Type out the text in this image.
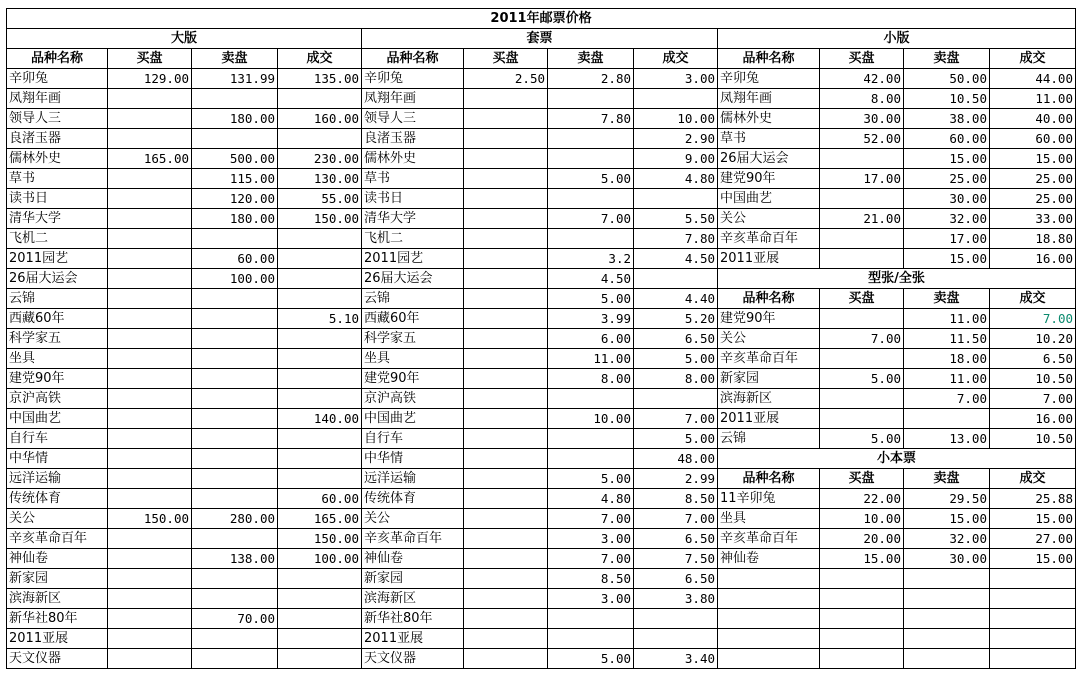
2011年邮票价格											
大版				套票				小版			
品种名称	买盘	卖盘	成交	品种名称	买盘	卖盘	成交	品种名称	买盘	卖盘	成交
辛卯兔	129.00	131.99	135.00	辛卯兔	2.50	2.80	3.00	辛卯兔	42.00	50.00	44.00
凤翔年画				凤翔年画				凤翔年画	8.00	10.50	11.00
领导人三		180.00	160.00	领导人三		7.80	10.00	儒林外史	30.00	38.00	40.00
良渚玉器				良渚玉器			2.90	草书	52.00	60.00	60.00
儒林外史	165.00	500.00	230.00	儒林外史			9.00	26届大运会		15.00	15.00
草书		115.00	130.00	草书		5.00	4.80	建党90年	17.00	25.00	25.00
读书日		120.00	55.00	读书日				中国曲艺		30.00	25.00
清华大学		180.00	150.00	清华大学		7.00	5.50	关公	21.00	32.00	33.00
飞机二				飞机二			7.80	辛亥革命百年		17.00	18.80
2011园艺		60.00		2011园艺		3.2	4.50	2011亚展		15.00	16.00
26届大运会		100.00		26届大运会		4.50		型张/全张			
云锦				云锦		5.00	4.40	品种名称	买盘	卖盘	成交
西藏60年			5.10	西藏60年		3.99	5.20	建党90年		11.00	7.00
科学家五				科学家五		6.00	6.50	关公	7.00	11.50	10.20
坐具				坐具		11.00	5.00	辛亥革命百年		18.00	6.50
建党90年				建党90年		8.00	8.00	新家园	5.00	11.00	10.50
京沪高铁				京沪高铁				滨海新区		7.00	7.00
中国曲艺			140.00	中国曲艺		10.00	7.00	2011亚展			16.00
自行车				自行车			5.00	云锦	5.00	13.00	10.50
中华情				中华情			48.00	小本票			
远洋运输				远洋运输		5.00	2.99	品种名称	买盘	卖盘	成交
传统体育			60.00	传统体育		4.80	8.50	11辛卯兔	22.00	29.50	25.88
关公	150.00	280.00	165.00	关公		7.00	7.00	坐具	10.00	15.00	15.00
辛亥革命百年			150.00	辛亥革命百年		3.00	6.50	辛亥革命百年	20.00	32.00	27.00
神仙卷		138.00	100.00	神仙卷		7.00	7.50	神仙卷	15.00	30.00	15.00
新家园				新家园		8.50	6.50				
滨海新区				滨海新区		3.00	3.80				
新华社80年		70.00		新华社80年							
2011亚展				2011亚展							
天文仪器				天文仪器		5.00	3.40				
